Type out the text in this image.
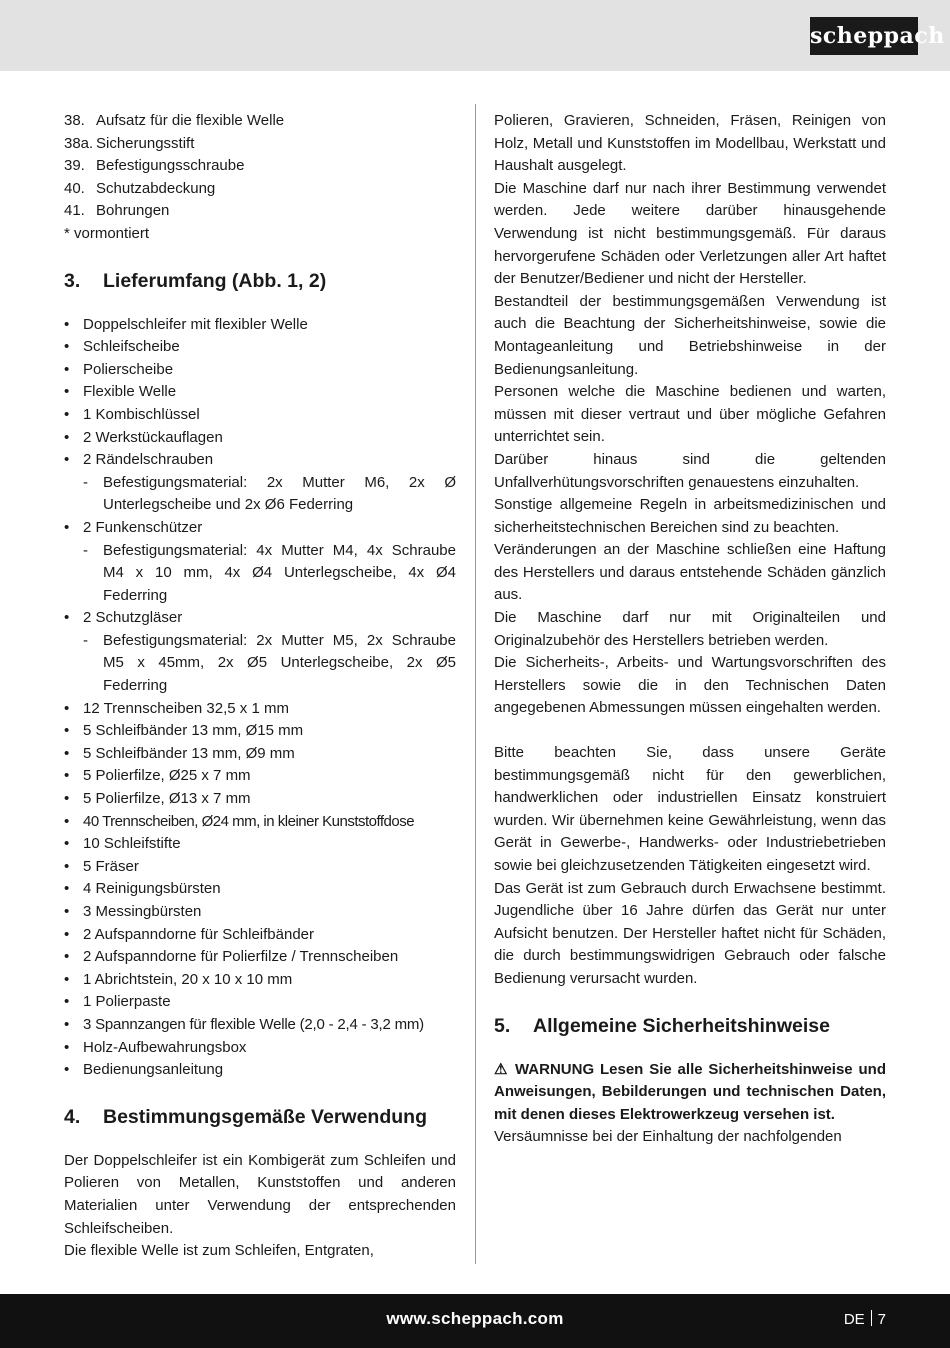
scheppach
38. Aufsatz für die flexible Welle
38a. Sicherungsstift
39. Befestigungsschraube
40. Schutzabdeckung
41. Bohrungen
* vormontiert
3.	Lieferumfang (Abb. 1, 2)
• Doppelschleifer mit flexibler Welle
• Schleifscheibe
• Polierscheibe
• Flexible Welle
• 1 Kombischlüssel
• 2 Werkstückauflagen
• 2 Rändelschrauben
- Befestigungsmaterial: 2x Mutter M6, 2x Ø Unterlegscheibe und 2x Ø6 Federring
• 2 Funkenschützer
- Befestigungsmaterial: 4x Mutter M4, 4x Schraube M4 x 10 mm, 4x Ø4 Unterlegscheibe, 4x Ø4 Federring
• 2 Schutzgläser
- Befestigungsmaterial: 2x Mutter M5, 2x Schraube M5 x 45mm, 2x Ø5 Unterlegscheibe, 2x Ø5 Federring
• 12 Trennscheiben 32,5 x 1 mm
• 5 Schleifbänder 13 mm, Ø15 mm
• 5 Schleifbänder 13 mm, Ø9 mm
• 5 Polierfilze, Ø25 x 7 mm
• 5 Polierfilze, Ø13 x 7 mm
• 40 Trennscheiben, Ø24 mm, in kleiner Kunststoffdose
• 10 Schleifstifte
• 5 Fräser
• 4 Reinigungsbürsten
• 3 Messingbürsten
• 2 Aufspanndorne für Schleifbänder
• 2 Aufspanndorne für Polierfilze / Trennscheiben
• 1 Abrichtstein, 20 x 10 x 10 mm
• 1 Polierpaste
• 3 Spannzangen für flexible Welle (2,0 - 2,4 - 3,2 mm)
• Holz-Aufbewahrungsbox
• Bedienungsanleitung
4.	Bestimmungsgemäße Verwendung

Der Doppelschleifer ist ein Kombigerät zum Schleifen und Polieren von Metallen, Kunststoffen und anderen Materialien unter Verwendung der entsprechenden Schleifscheiben.

Die flexible Welle ist zum Schleifen, Entgraten,

Polieren, Gravieren, Schneiden, Fräsen, Reinigen von Holz, Metall und Kunststoffen im Modellbau, Werkstatt und Haushalt ausgelegt.

Die Maschine darf nur nach ihrer Bestimmung verwendet werden. Jede weitere darüber hinausgehende Verwendung ist nicht bestimmungsgemäß. Für daraus hervorgerufene Schäden oder Verletzungen aller Art haftet der Benutzer/Bediener und nicht der Hersteller.

Bestandteil der bestimmungsgemäßen Verwendung ist auch die Beachtung der Sicherheitshinweise, sowie die Montageanleitung und Betriebshinweise in der Bedienungsanleitung.

Personen welche die Maschine bedienen und warten, müssen mit dieser vertraut und über mögliche Gefahren unterrichtet sein.

Darüber hinaus sind die geltenden Unfallverhütungsvorschriften genauestens einzuhalten.

Sonstige allgemeine Regeln in arbeitsmedizinischen und sicherheitstechnischen Bereichen sind zu beachten.

Veränderungen an der Maschine schließen eine Haftung des Herstellers und daraus entstehende Schäden gänzlich aus.

Die Maschine darf nur mit Originalteilen und Originalzubehör des Herstellers betrieben werden.

Die Sicherheits-, Arbeits- und Wartungsvorschriften des Herstellers sowie die in den Technischen Daten angegebenen Abmessungen müssen eingehalten werden.

Bitte beachten Sie, dass unsere Geräte bestimmungsgemäß nicht für den gewerblichen, handwerklichen oder industriellen Einsatz konstruiert wurden. Wir übernehmen keine Gewährleistung, wenn das Gerät in Gewerbe-, Handwerks- oder Industriebetrieben sowie bei gleichzusetzenden Tätigkeiten eingesetzt wird.

Das Gerät ist zum Gebrauch durch Erwachsene bestimmt. Jugendliche über 16 Jahre dürfen das Gerät nur unter Aufsicht benutzen. Der Hersteller haftet nicht für Schäden, die durch bestimmungswidrigen Gebrauch oder falsche Bedienung verursacht wurden.

5.	Allgemeine Sicherheitshinweise

⚠ WARNUNG Lesen Sie alle Sicherheitshinweise und Anweisungen, Bebilderungen und technischen Daten, mit denen dieses Elektrowerkzeug versehen ist.

Versäumnisse bei der Einhaltung der nachfolgenden

www.scheppach.com	DE 7
